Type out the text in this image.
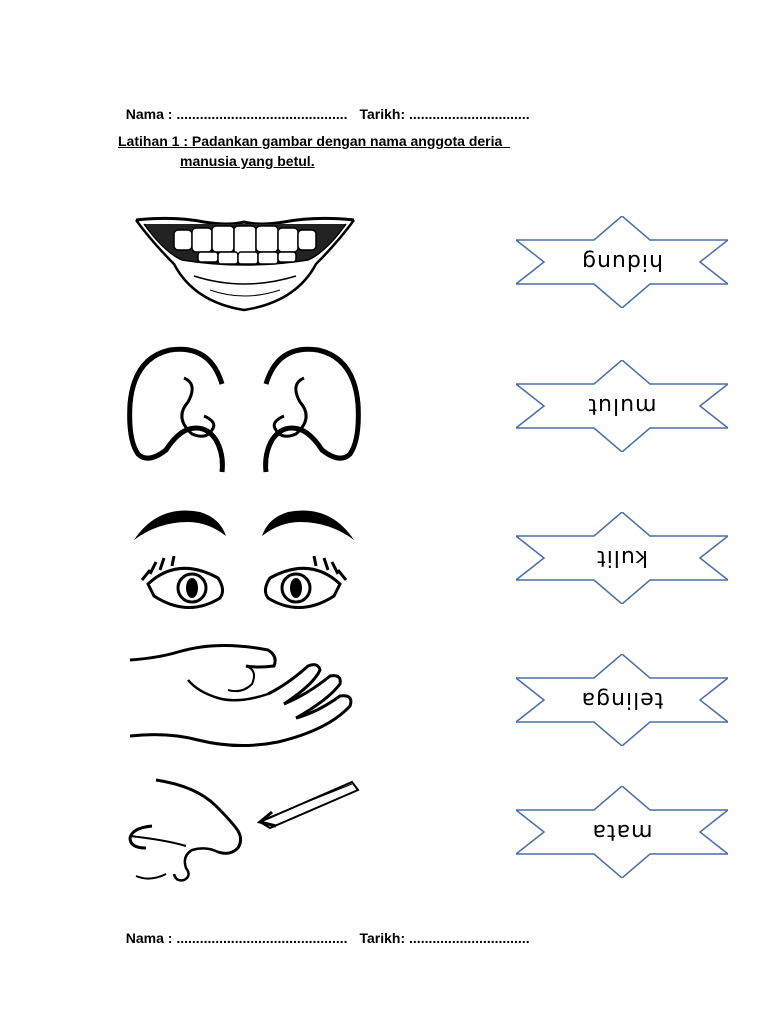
Nama : ............................................ Tarikh: ...............................

Latihan 1 : Padankan gambar dengan nama anggota deria
manusia yang betul.
hidung
mulut
kulit
telinga
mata

Nama : ............................................ Tarikh: ...............................
